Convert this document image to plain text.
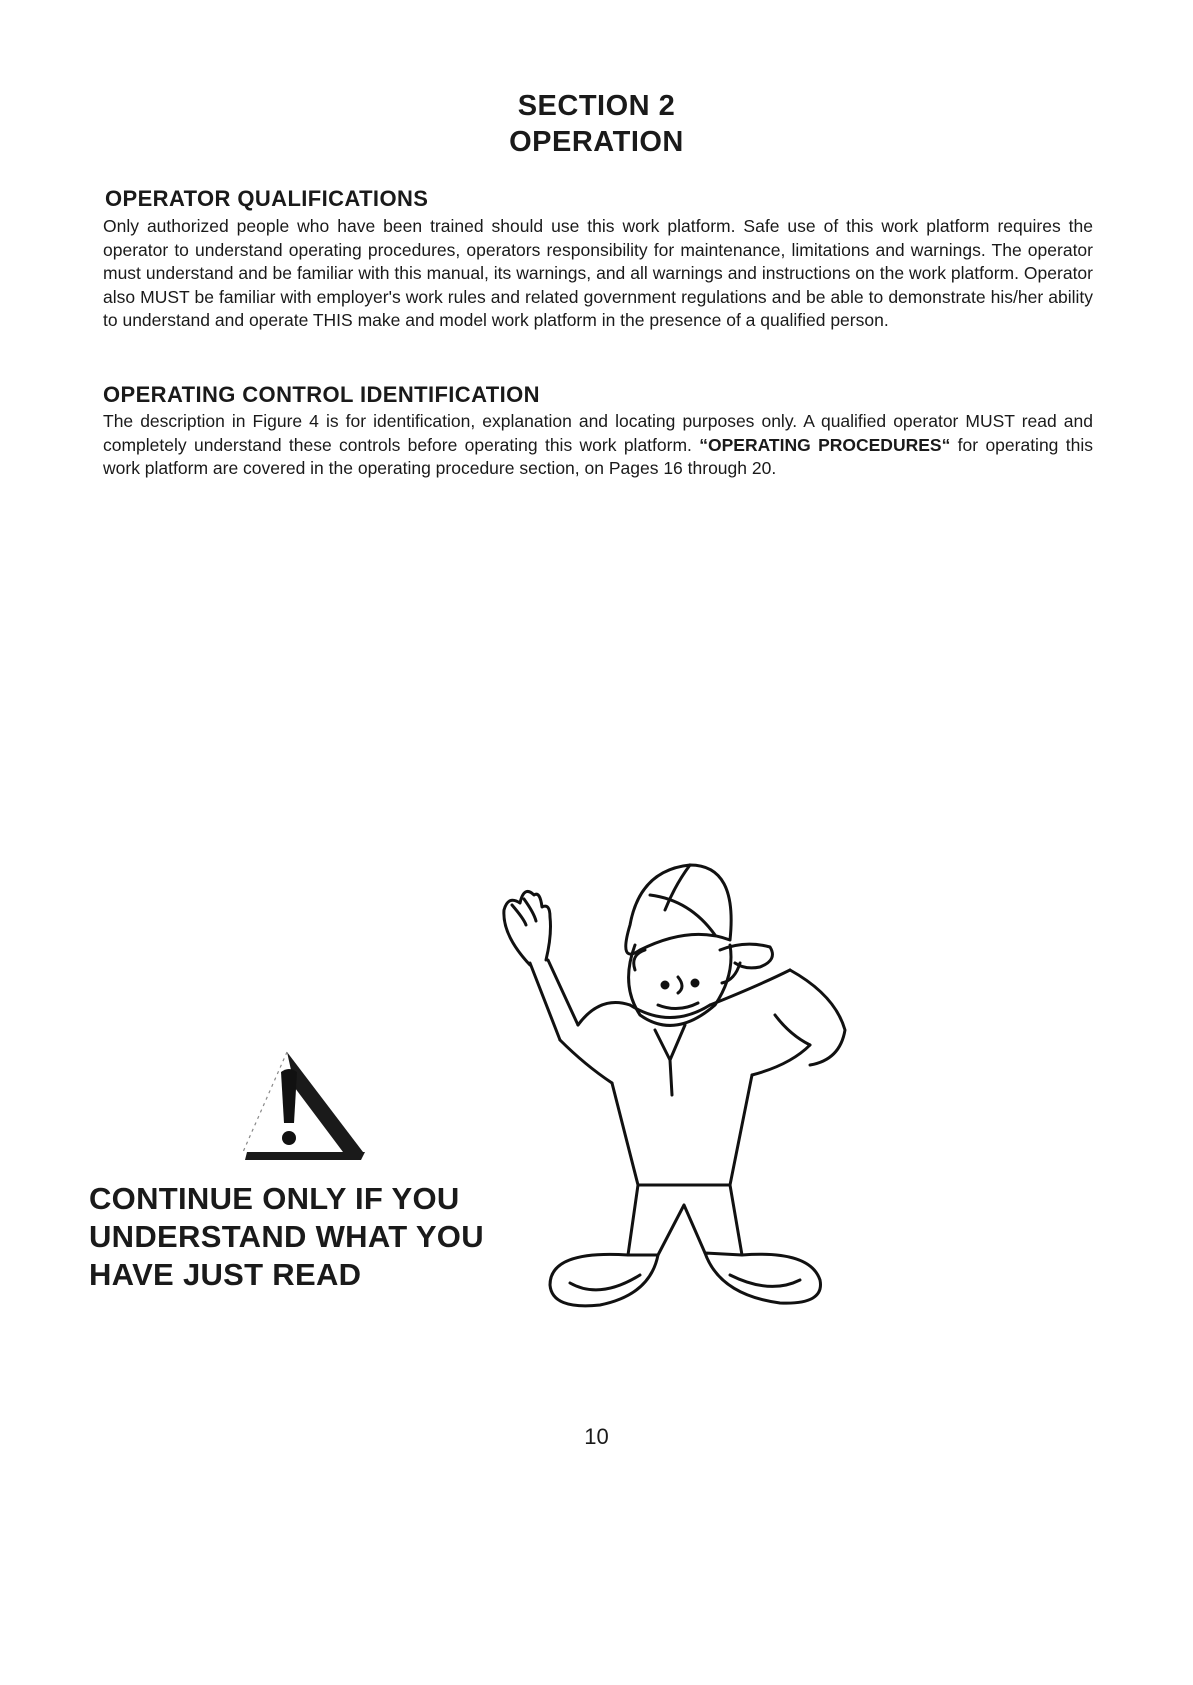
SECTION 2
OPERATION
OPERATOR QUALIFICATIONS
Only authorized people who have been trained should use this work platform. Safe use of this work platform requires the operator to understand operating procedures, operators responsibility for maintenance, limitations and warnings. The operator must understand and be familiar with this manual, its warnings, and all warnings and instructions on the work platform. Operator also MUST be familiar with employer's work rules and related government regulations and be able to demonstrate his/her ability to understand and operate THIS make and model work platform in the presence of a qualified person.
OPERATING CONTROL IDENTIFICATION
The description in Figure 4 is for identification, explanation and locating purposes only. A qualified operator MUST read and completely understand these controls before operating this work platform. “OPERATING PROCEDURES“ for operating this work platform are covered in the operating procedure section, on Pages 16 through 20.
CONTINUE ONLY IF YOU
UNDERSTAND WHAT YOU
HAVE JUST READ
10
